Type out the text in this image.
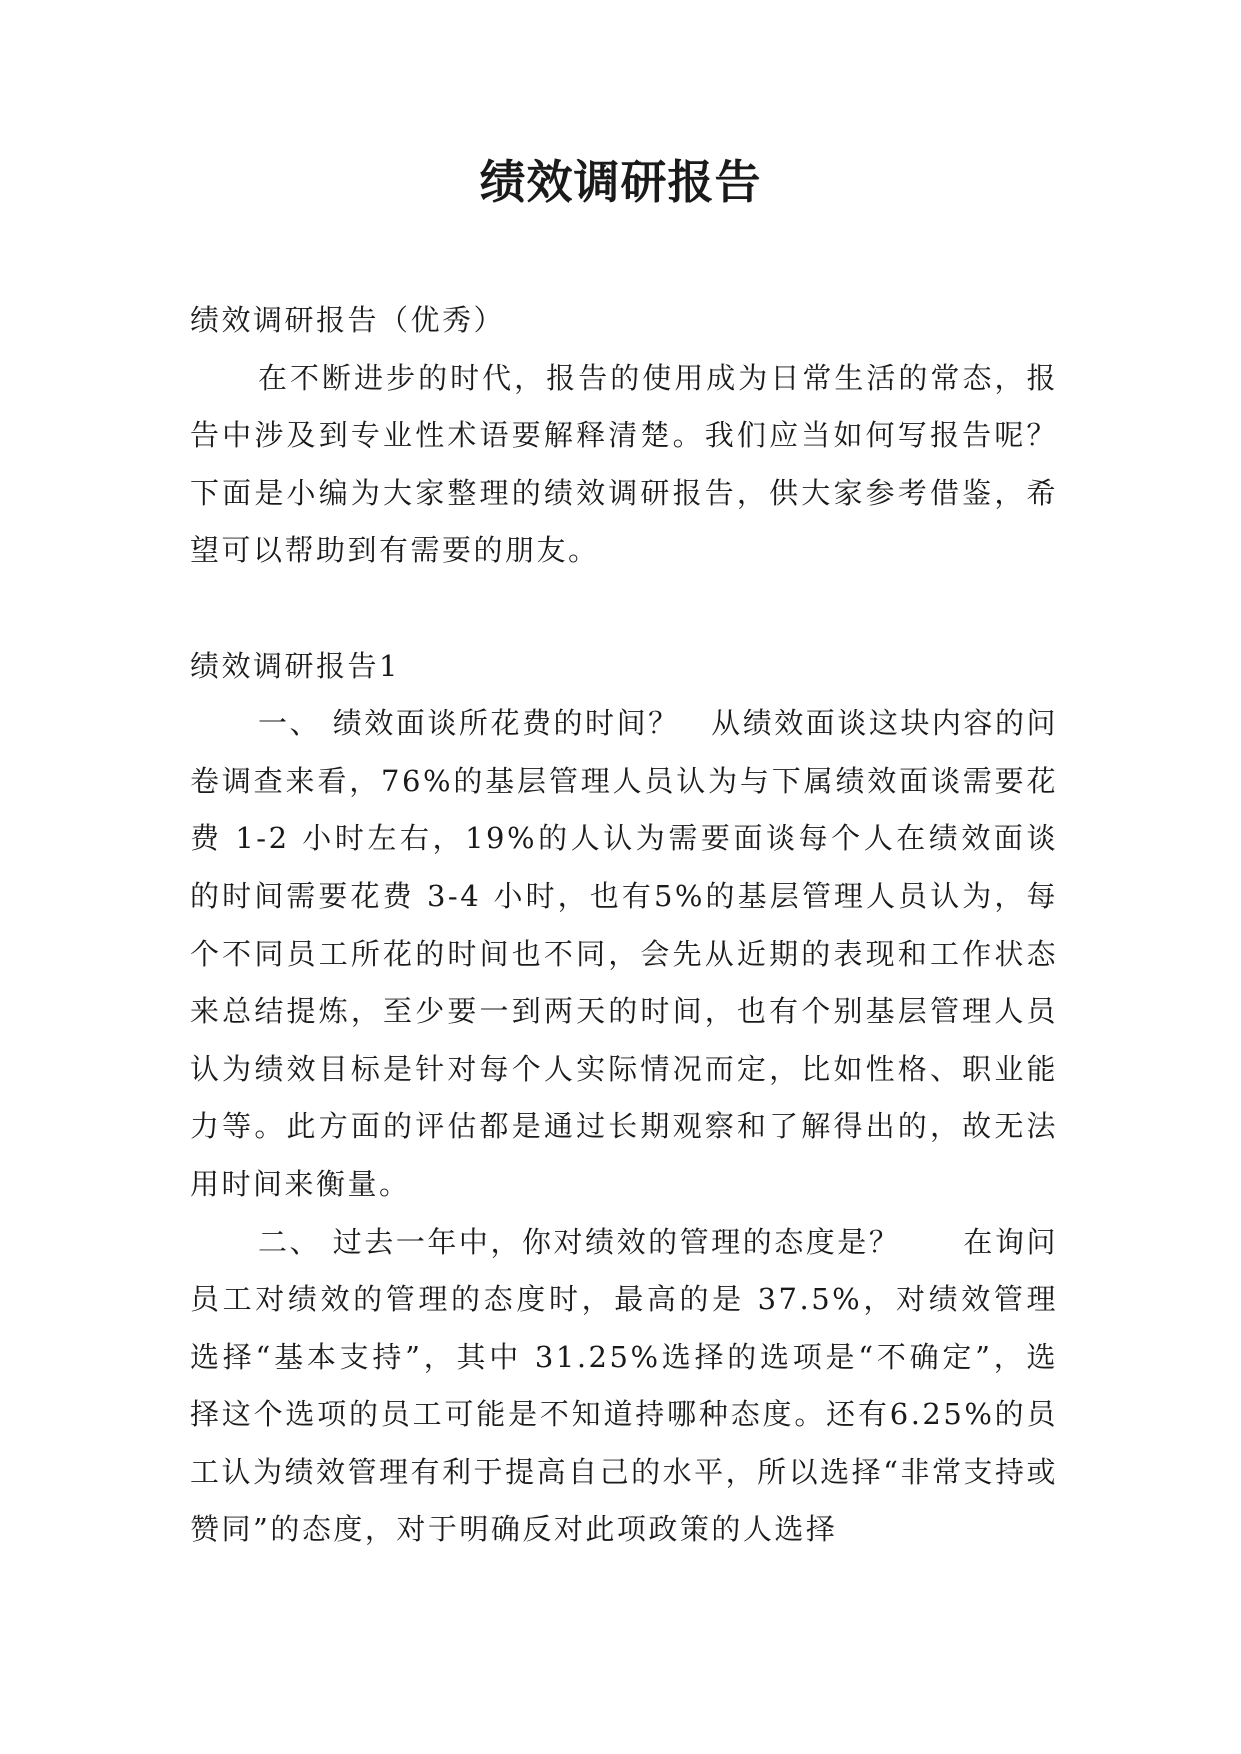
绩效调研报告

绩效调研报告（优秀）

在不断进步的时代，报告的使用成为日常生活的常态，报告中涉及到专业性术语要解释清楚。我们应当如何写报告呢？下面是小编为大家整理的绩效调研报告，供大家参考借鉴，希望可以帮助到有需要的朋友。

绩效调研报告1

一、 绩效面谈所花费的时间？　从绩效面谈这块内容的问卷调查来看，76%的基层管理人员认为与下属绩效面谈需要花费 1-2 小时左右，19%的人认为需要面谈每个人在绩效面谈的时间需要花费 3-4 小时，也有5%的基层管理人员认为，每个不同员工所花的时间也不同，会先从近期的表现和工作状态来总结提炼，至少要一到两天的时间，也有个别基层管理人员认为绩效目标是针对每个人实际情况而定，比如性格、职业能力等。此方面的评估都是通过长期观察和了解得出的，故无法用时间来衡量。

二、 过去一年中，你对绩效的管理的态度是？　　在询问员工对绩效的管理的态度时，最高的是 37.5%，对绩效管理选择“基本支持”，其中 31.25%选择的选项是“不确定”，选择这个选项的员工可能是不知道持哪种态度。还有6.25%的员工认为绩效管理有利于提高自己的水平，所以选择“非常支持或赞同”的态度，对于明确反对此项政策的人选择
